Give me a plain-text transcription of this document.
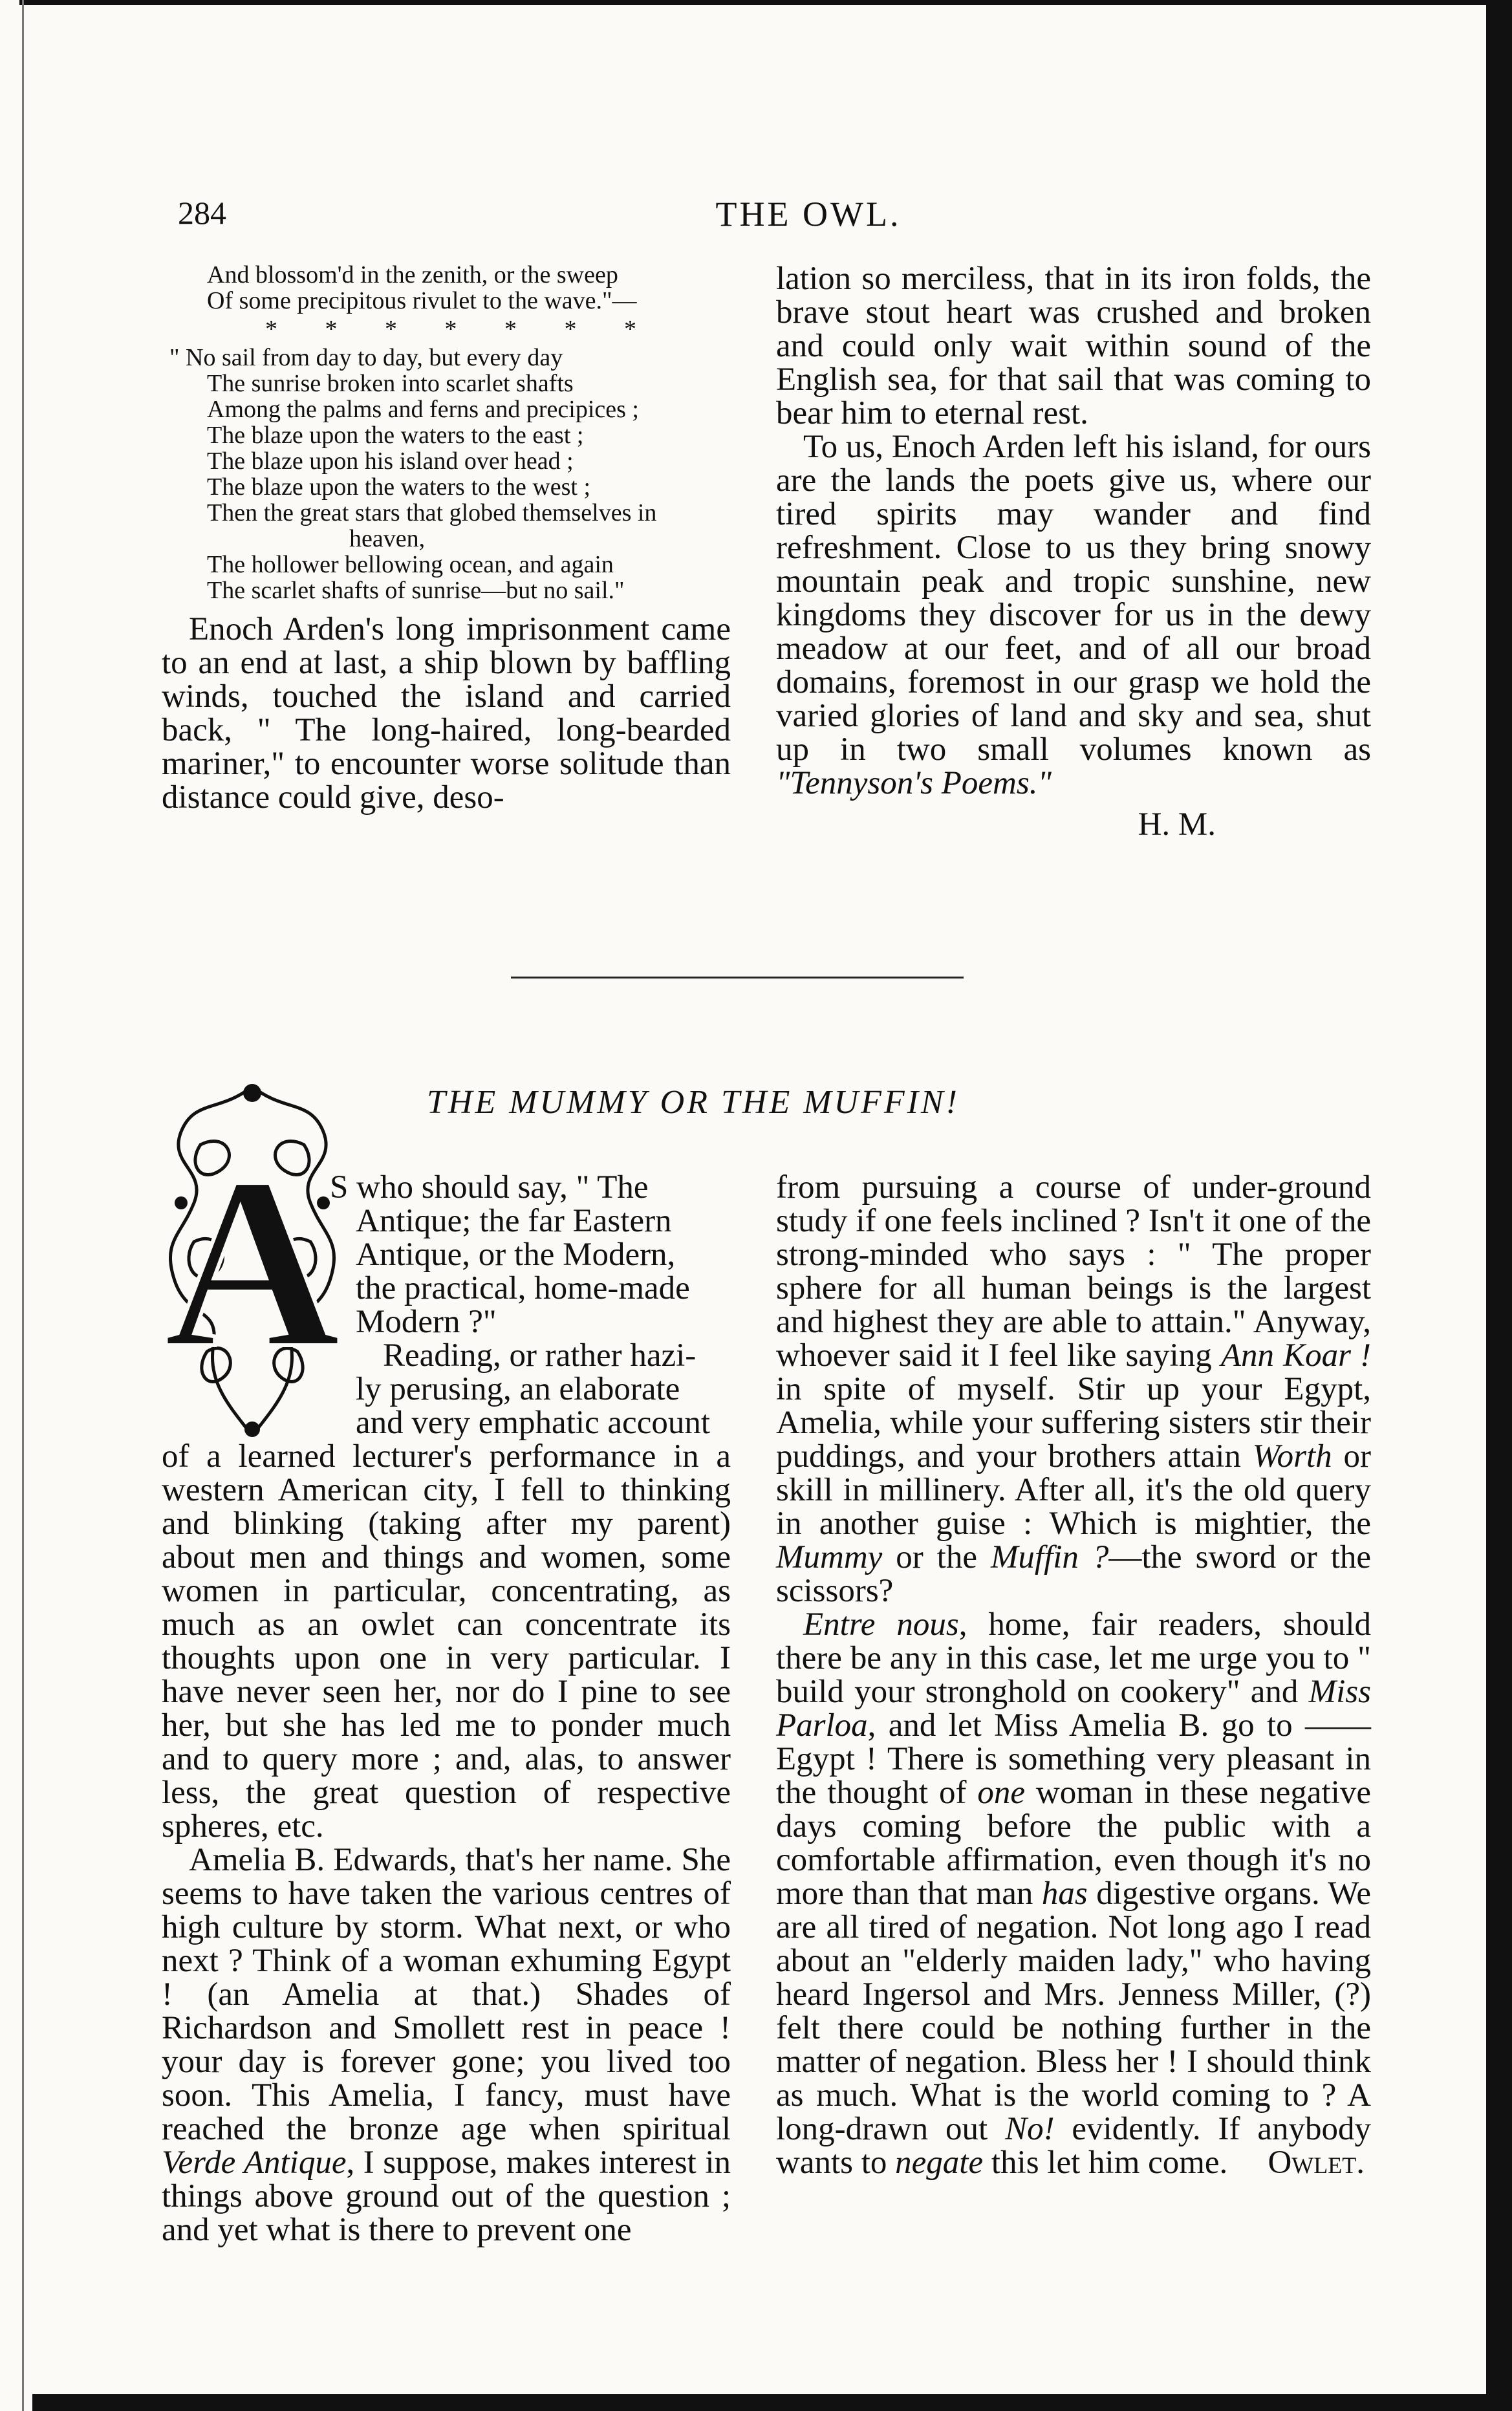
284	THE OWL.
And blossom'd in the zenith, or the sweep
Of some precipitous rivulet to the wave."—
* * * * * * *
" No sail from day to day, but every day
The sunrise broken into scarlet shafts
Among the palms and ferns and precipices ;
The blaze upon the waters to the east ;
The blaze upon his island over head ;
The blaze upon the waters to the west ;
Then the great stars that globed themselves in
heaven,
The hollower bellowing ocean, and again
The scarlet shafts of sunrise—but no sail."

Enoch Arden's long imprisonment came to an end at last, a ship blown by baffling winds, touched the island and carried back, " The long-haired, long-bearded mariner," to encounter worse solitude than distance could give, deso-

lation so merciless, that in its iron folds, the brave stout heart was crushed and broken and could only wait within sound of the English sea, for that sail that was coming to bear him to eternal rest.

To us, Enoch Arden left his island, for ours are the lands the poets give us, where our tired spirits may wander and find refreshment. Close to us they bring snowy mountain peak and tropic sunshine, new kingdoms they discover for us in the dewy meadow at our feet, and of all our broad domains, foremost in our grasp we hold the varied glories of land and sky and sea, shut up in two small volumes known as "Tennyson's Poems."

H. M.

THE MUMMY OR THE MUFFIN!
A
S who should say, " The
Antique; the far Eastern
Antique, or the Modern,
the practical, home-made
Modern ?"
Reading, or rather hazi-
ly perusing, an elaborate
and very emphatic account

of a learned lecturer's performance in a western American city, I fell to thinking and blinking (taking after my parent) about men and things and women, some women in particular, concentrating, as much as an owlet can concentrate its thoughts upon one in very particular. I have never seen her, nor do I pine to see her, but she has led me to ponder much and to query more ; and, alas, to answer less, the great question of respective spheres, etc.

Amelia B. Edwards, that's her name. She seems to have taken the various centres of high culture by storm. What next, or who next ? Think of a woman exhuming Egypt ! (an Amelia at that.) Shades of Richardson and Smollett rest in peace ! your day is forever gone; you lived too soon. This Amelia, I fancy, must have reached the bronze age when spiritual Verde Antique, I suppose, makes interest in things above ground out of the question ; and yet what is there to prevent one

from pursuing a course of under-ground study if one feels inclined ? Isn't it one of the strong-minded who says : " The proper sphere for all human beings is the largest and highest they are able to attain." Anyway, whoever said it I feel like saying Ann Koar ! in spite of myself. Stir up your Egypt, Amelia, while your suffering sisters stir their puddings, and your brothers attain Worth or skill in millinery. After all, it's the old query in another guise : Which is mightier, the Mummy or the Muffin ?—the sword or the scissors?

Entre nous, home, fair readers, should there be any in this case, let me urge you to " build your stronghold on cookery" and Miss Parloa, and let Miss Amelia B. go to —— Egypt ! There is something very pleasant in the thought of one woman in these negative days coming before the public with a comfortable affirmation, even though it's no more than that man has digestive organs. We are all tired of negation. Not long ago I read about an "elderly maiden lady," who having heard Ingersol and Mrs. Jenness Miller, (?) felt there could be nothing further in the matter of negation. Bless her ! I should think as much. What is the world coming to ? A long-drawn out No! evidently. If anybody wants to negate this let him come.	Owlet.
